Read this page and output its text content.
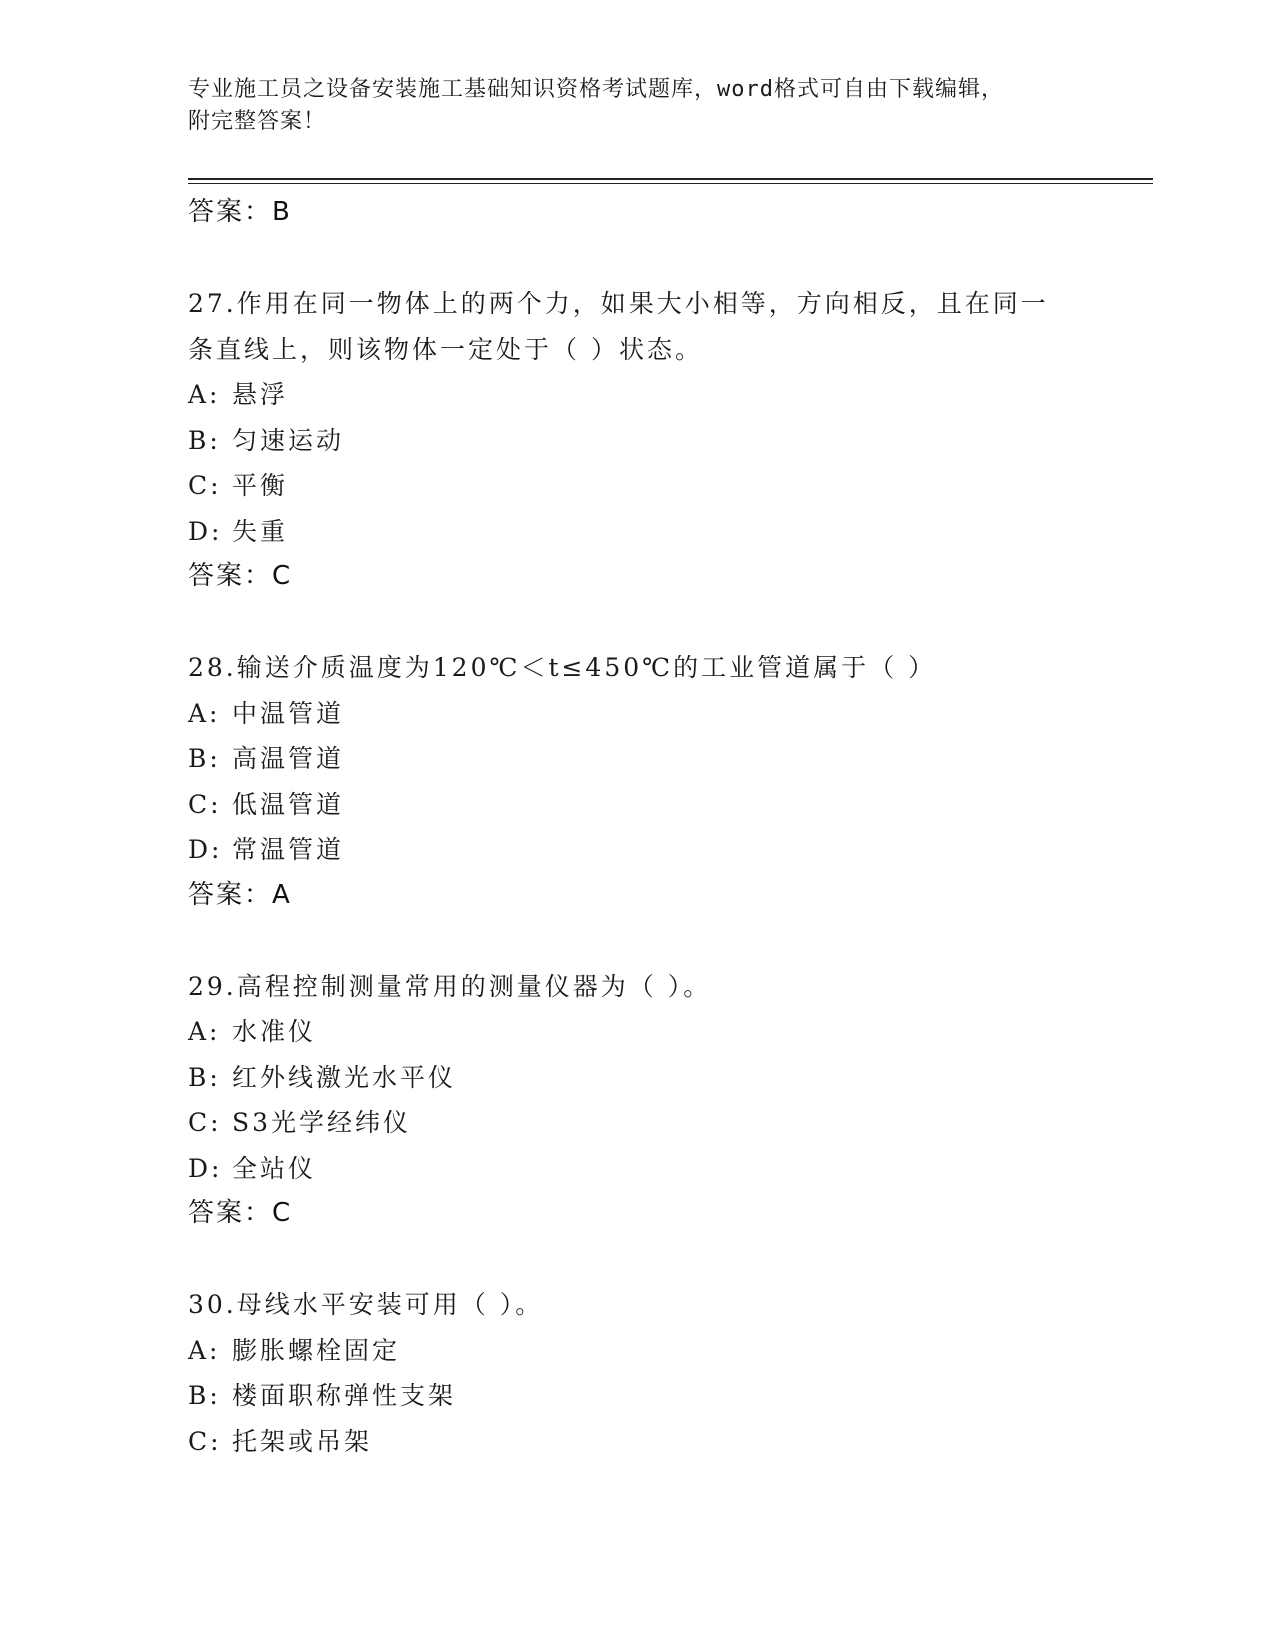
专业施工员之设备安装施工基础知识资格考试题库，word格式可自由下载编辑，
附完整答案！
答案：B
27.作用在同一物体上的两个力，如果大小相等，方向相反，且在同一
条直线上，则该物体一定处于（ ）状态。
A: 悬浮
B: 匀速运动
C: 平衡
D: 失重
答案：C
28.输送介质温度为120℃＜t≤450℃的工业管道属于（ ）
A: 中温管道
B: 高温管道
C: 低温管道
D: 常温管道
答案：A
29.高程控制测量常用的测量仪器为（ ）。
A: 水准仪
B: 红外线激光水平仪
C: S3光学经纬仪
D: 全站仪
答案：C
30.母线水平安装可用（ ）。
A: 膨胀螺栓固定
B: 楼面职称弹性支架
C: 托架或吊架
